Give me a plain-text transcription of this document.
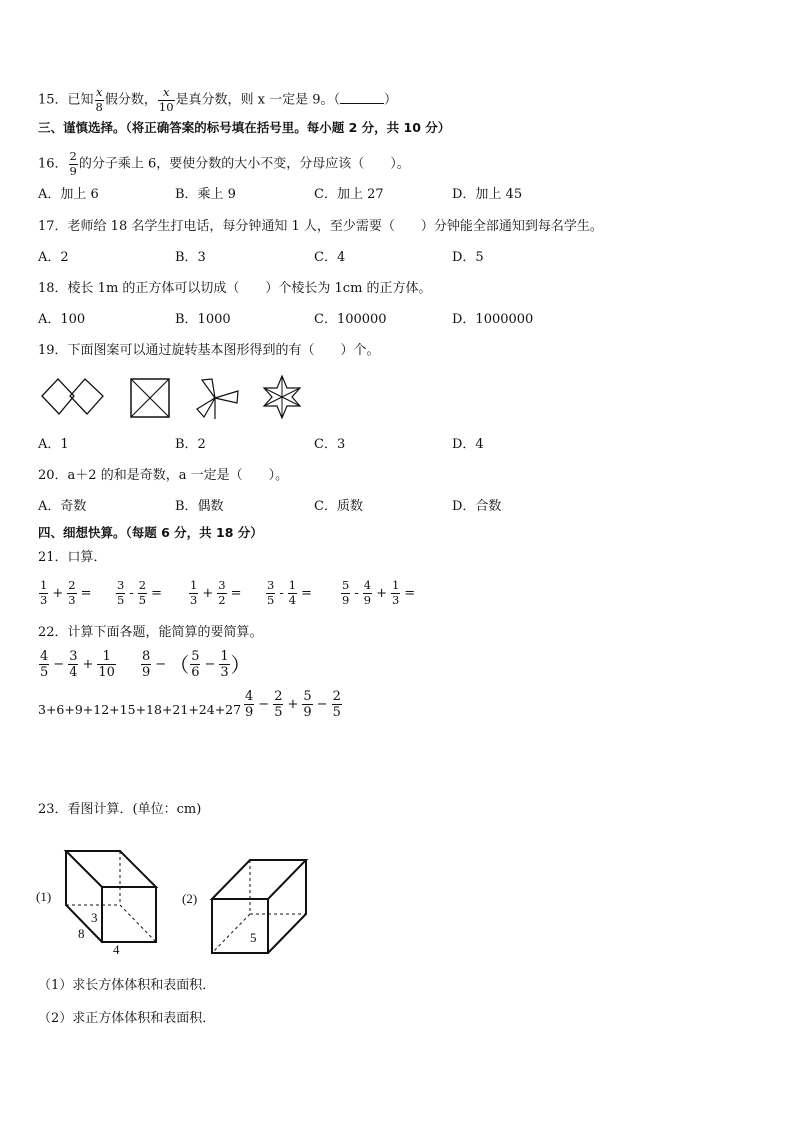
15．已知 $\frac{x}{8}$ 假分数， $\frac{x}{10}$ 是真分数，则 x 一定是 9。（	）
三、谨慎选择。（将正确答案的标号填在括号里。每小题 2 分，共 10 分）
16． $\frac{2}{9}$ 的分子乘上 6，要使分数的大小不变，分母应该（　　）。
A．加上 6	B．乘上 9	C．加上 27	D．加上 45
17．老师给 18 名学生打电话，每分钟通知 1 人，至少需要（　　）分钟能全部通知到每名学生。
A．2	B．3	C．4	D．5
18．棱长 1m 的正方体可以切成（　　）个棱长为 1cm 的正方体。
A．100	B．1000	C．100000	D．1000000
19．下面图案可以通过旋转基本图形得到的有（　　）个。
A．1	B．2	C．3	D．4
20．a＋2 的和是奇数，a 一定是（　　）。
A．奇数	B．偶数	C．质数	D．合数
四、细想快算。（每题 6 分，共 18 分）
21．口算．
$\frac{1}{3} + \frac{2}{3} = \frac{3}{5} - \frac{2}{5} = \frac{1}{3} + \frac{3}{2} = \frac{3}{5} - \frac{1}{4}$ =	$\frac{5}{9} - \frac{4}{9} + \frac{1}{3}$ =
22．计算下面各题，能简算的要简算。
$\frac{4}{5} - \frac{3}{4} + \frac{1}{10} \frac{8}{9}$ − （ $\frac{5}{6} - \frac{1}{3}$ ）
$3+6+9+12+15+18+21+24+27 \frac{4}{9} - \frac{2}{5} + \frac{5}{9} - \frac{2}{5}$
23．看图计算．(单位：cm)
(1)
3
8
4
(2)
5
（1）求长方体体积和表面积．
（2）求正方体体积和表面积．
